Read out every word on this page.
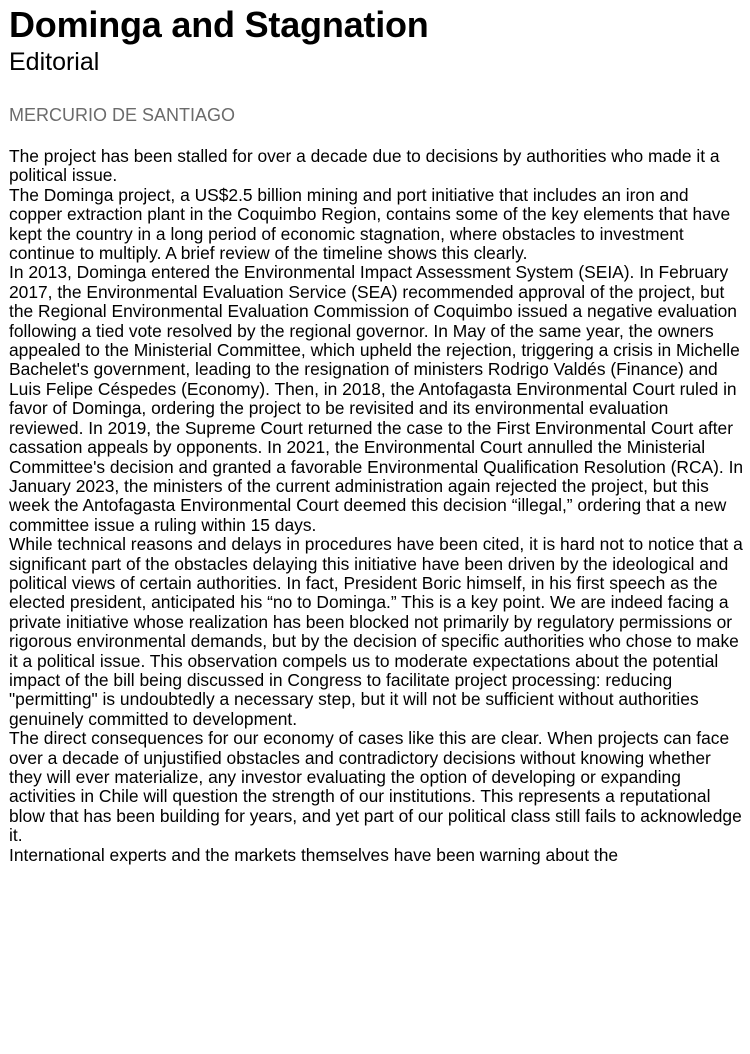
Dominga and Stagnation
Editorial
MERCURIO DE SANTIAGO

The project has been stalled for over a decade due to decisions by authorities who made it a political issue.

The Dominga project, a US$2.5 billion mining and port initiative that includes an iron and copper extraction plant in the Coquimbo Region, contains some of the key elements that have kept the country in a long period of economic stagnation, where obstacles to investment continue to multiply. A brief review of the timeline shows this clearly.

In 2013, Dominga entered the Environmental Impact Assessment System (SEIA). In February 2017, the Environmental Evaluation Service (SEA) recommended approval of the project, but the Regional Environmental Evaluation Commission of Coquimbo issued a negative evaluation following a tied vote resolved by the regional governor. In May of the same year, the owners appealed to the Ministerial Committee, which upheld the rejection, triggering a crisis in Michelle Bachelet's government, leading to the resignation of ministers Rodrigo Valdés (Finance) and Luis Felipe Céspedes (Economy). Then, in 2018, the Antofagasta Environmental Court ruled in favor of Dominga, ordering the project to be revisited and its environmental evaluation reviewed. In 2019, the Supreme Court returned the case to the First Environmental Court after cassation appeals by opponents. In 2021, the Environmental Court annulled the Ministerial Committee's decision and granted a favorable Environmental Qualification Resolution (RCA). In January 2023, the ministers of the current administration again rejected the project, but this week the Antofagasta Environmental Court deemed this decision “illegal,” ordering that a new committee issue a ruling within 15 days.

While technical reasons and delays in procedures have been cited, it is hard not to notice that a significant part of the obstacles delaying this initiative have been driven by the ideological and political views of certain authorities. In fact, President Boric himself, in his first speech as the elected president, anticipated his “no to Dominga.” This is a key point. We are indeed facing a private initiative whose realization has been blocked not primarily by regulatory permissions or rigorous environmental demands, but by the decision of specific authorities who chose to make it a political issue. This observation compels us to moderate expectations about the potential impact of the bill being discussed in Congress to facilitate project processing: reducing "permitting" is undoubtedly a necessary step, but it will not be sufficient without authorities genuinely committed to development.

The direct consequences for our economy of cases like this are clear. When projects can face over a decade of unjustified obstacles and contradictory decisions without knowing whether they will ever materialize, any investor evaluating the option of developing or expanding activities in Chile will question the strength of our institutions. This represents a reputational blow that has been building for years, and yet part of our political class still fails to acknowledge it.

International experts and the markets themselves have been warning about the
